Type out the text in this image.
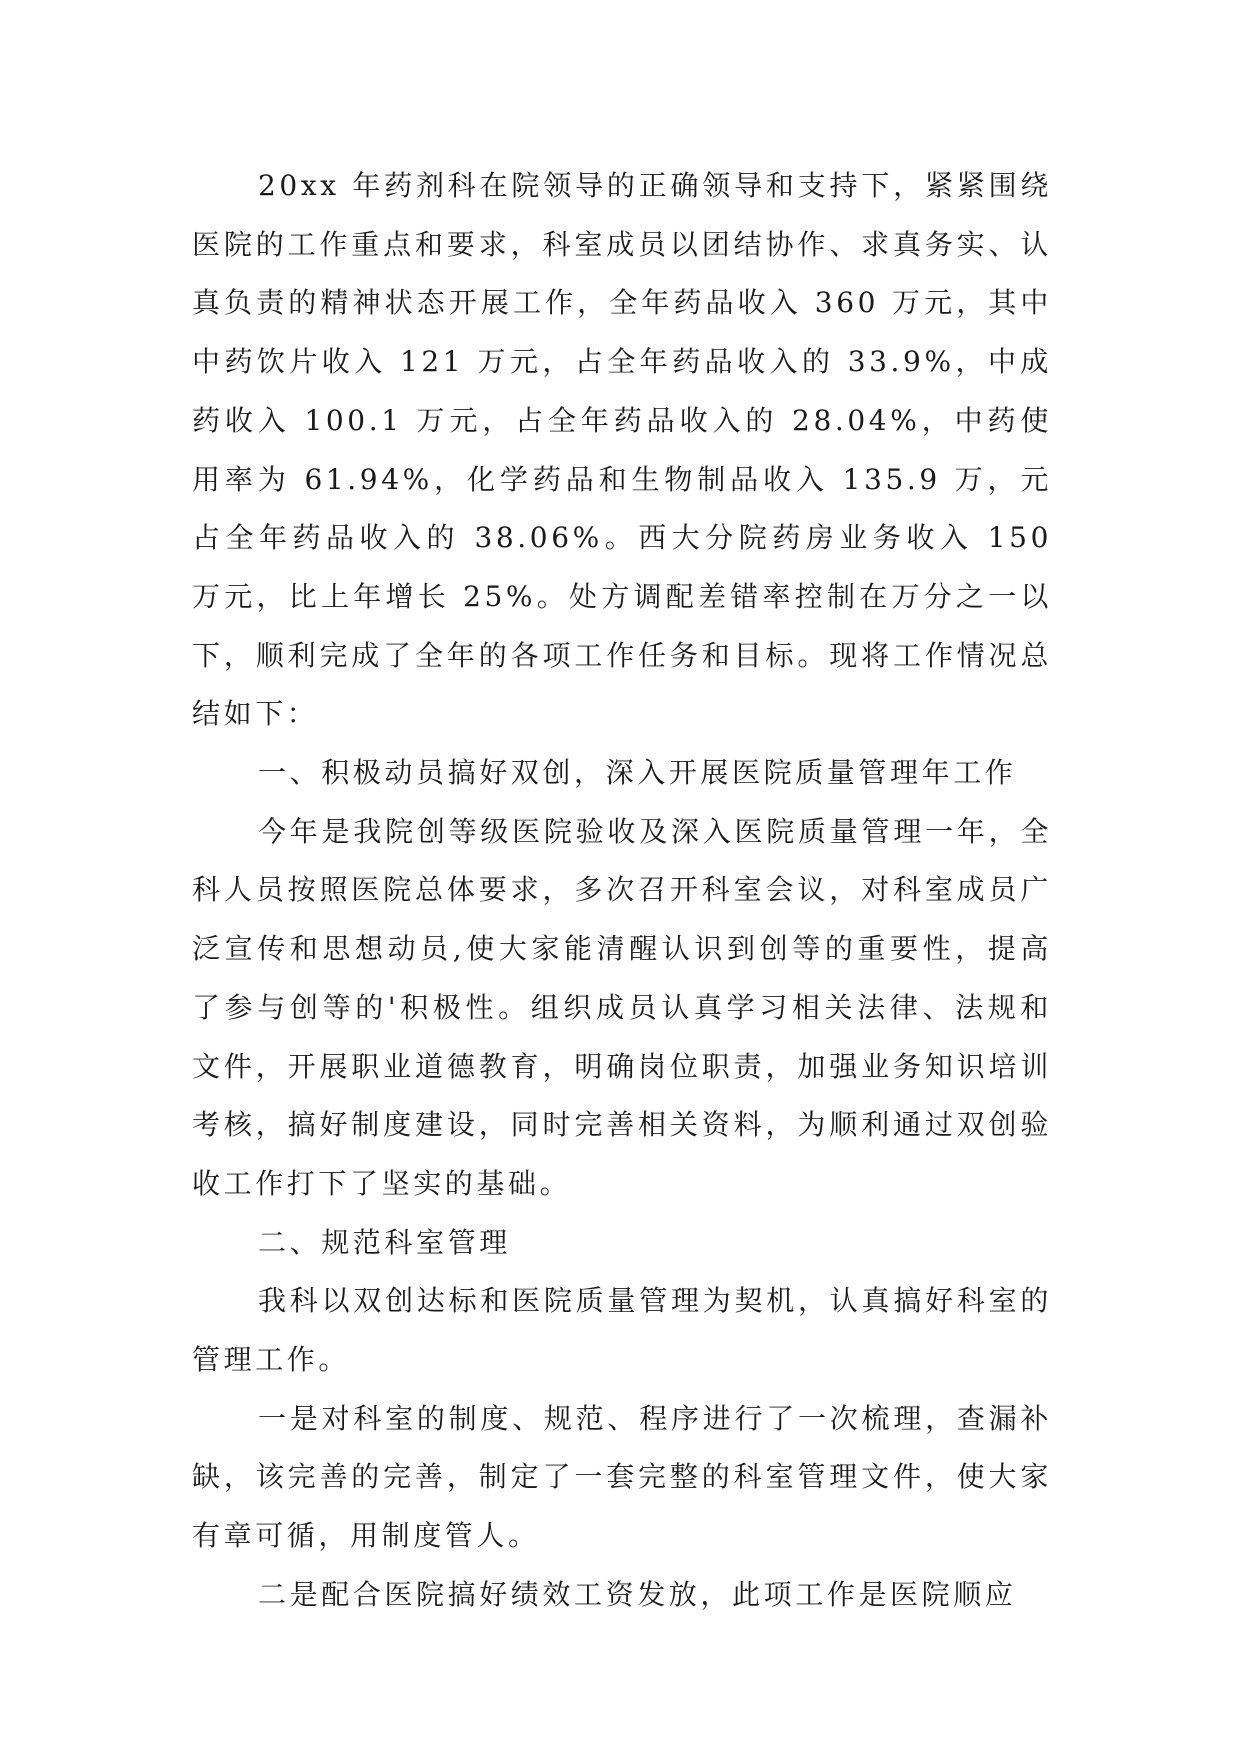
20xx 年药剂科在院领导的正确领导和支持下，紧紧围绕医院的工作重点和要求，科室成员以团结协作、求真务实、认真负责的精神状态开展工作，全年药品收入 360 万元，其中中药饮片收入 121 万元，占全年药品收入的 33.9%，中成药收入 100.1 万元，占全年药品收入的 28.04%，中药使用率为 61.94%，化学药品和生物制品收入 135.9 万，元占全年药品收入的 38.06%。西大分院药房业务收入 150 万元，比上年增长 25%。处方调配差错率控制在万分之一以下，顺利完成了全年的各项工作任务和目标。现将工作情况总结如下：

一、积极动员搞好双创，深入开展医院质量管理年工作

今年是我院创等级医院验收及深入医院质量管理一年，全科人员按照医院总体要求，多次召开科室会议，对科室成员广泛宣传和思想动员,使大家能清醒认识到创等的重要性，提高了参与创等的'积极性。组织成员认真学习相关法律、法规和文件，开展职业道德教育，明确岗位职责，加强业务知识培训考核，搞好制度建设，同时完善相关资料，为顺利通过双创验收工作打下了坚实的基础。

二、规范科室管理

我科以双创达标和医院质量管理为契机，认真搞好科室的管理工作。

一是对科室的制度、规范、程序进行了一次梳理，查漏补缺，该完善的完善，制定了一套完整的科室管理文件，使大家有章可循，用制度管人。

二是配合医院搞好绩效工资发放，此项工作是医院顺应
